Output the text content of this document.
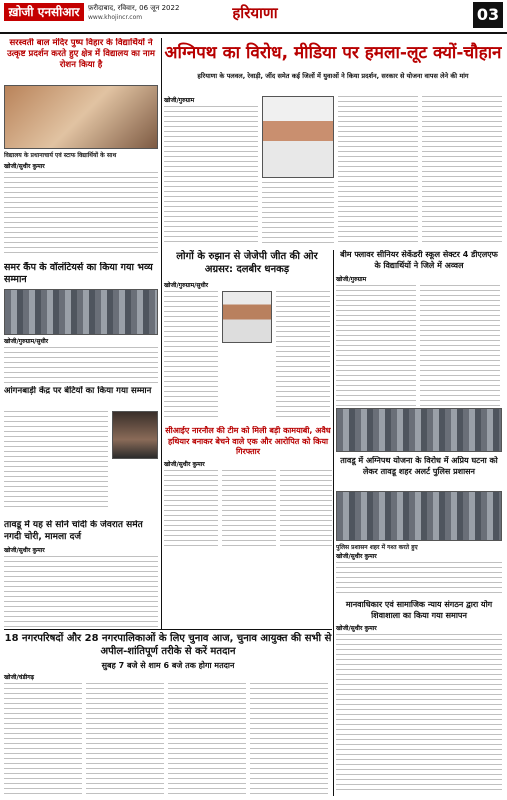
ख़ोजी एनसीआर	फ़रीदाबाद, रविवार, 06 जून 2022
www.khojincr.com	हरियाणा	03
सरस्वती बाल मंदिर पुष्प विहार के विद्यार्थियों ने उत्कृष्ट प्रदर्शन करते हुए क्षेत्र में विद्यालय का नाम रोशन किया है
विद्यालय के प्रधानाचार्य एवं स्टाफ विद्यार्थियों के साथ
खोजी/सुधीर कुमार
अग्निपथ का विरोध, मीडिया पर हमला-लूट क्यों-चौहान
हरियाणा के पलवल, रेवाड़ी, जींद समेत कई जिलों में युवाओं ने किया प्रदर्शन, सरकार से योजना वापस लेने की मांग
खोजी/गुरुग्राम
समर कैंप के वॉलंटियर्स का किया गया भव्य सम्मान
खोजी/गुरुग्राम/सुधीर
आंगनबाड़ी केंद्र पर बेटियों का किया गया सम्मान
तावडू में यह से सोने चांदी के जेवरात समेत नगदी चोरी, मामला दर्ज
खोजी/सुधीर कुमार
लोगों के रुझान से जेजेपी जीत की ओर अग्रसर: दलबीर धनकड़
खोजी/गुरुग्राम/सुधीर
बीम फ्लावर सीनियर सेकेंडरी स्कूल सेक्टर 4 डीएलएफ के विद्यार्थियों ने जिले में अव्वल
खोजी/गुरुग्राम
सीआईए नारनौल की टीम को मिली बड़ी कामयाबी, अवैध हथियार बनाकर बेचने वाले एक और आरोपित को किया गिरफ्तार
खोजी/सुधीर कुमार	तावडू में अग्निपथ योजना के विरोध में अप्रिय घटना को लेकर तावडू शहर अलर्ट पुलिस प्रशासन
पुलिस प्रशासन शहर में गश्त करते हुए
खोजी/सुधीर कुमार
18 नगरपरिषदों और 28 नगरपालिकाओं के लिए चुनाव आज, चुनाव आयुक्त की सभी से अपील-शांतिपूर्ण तरीके से करें मतदान
सुबह 7 बजे से शाम 6 बजे तक होगा मतदान
खोजी/चंडीगढ़
मानवाधिकार एवं सामाजिक न्याय संगठन द्वारा योग शिवाशाला का किया गया समापन
खोजी/सुधीर कुमार
